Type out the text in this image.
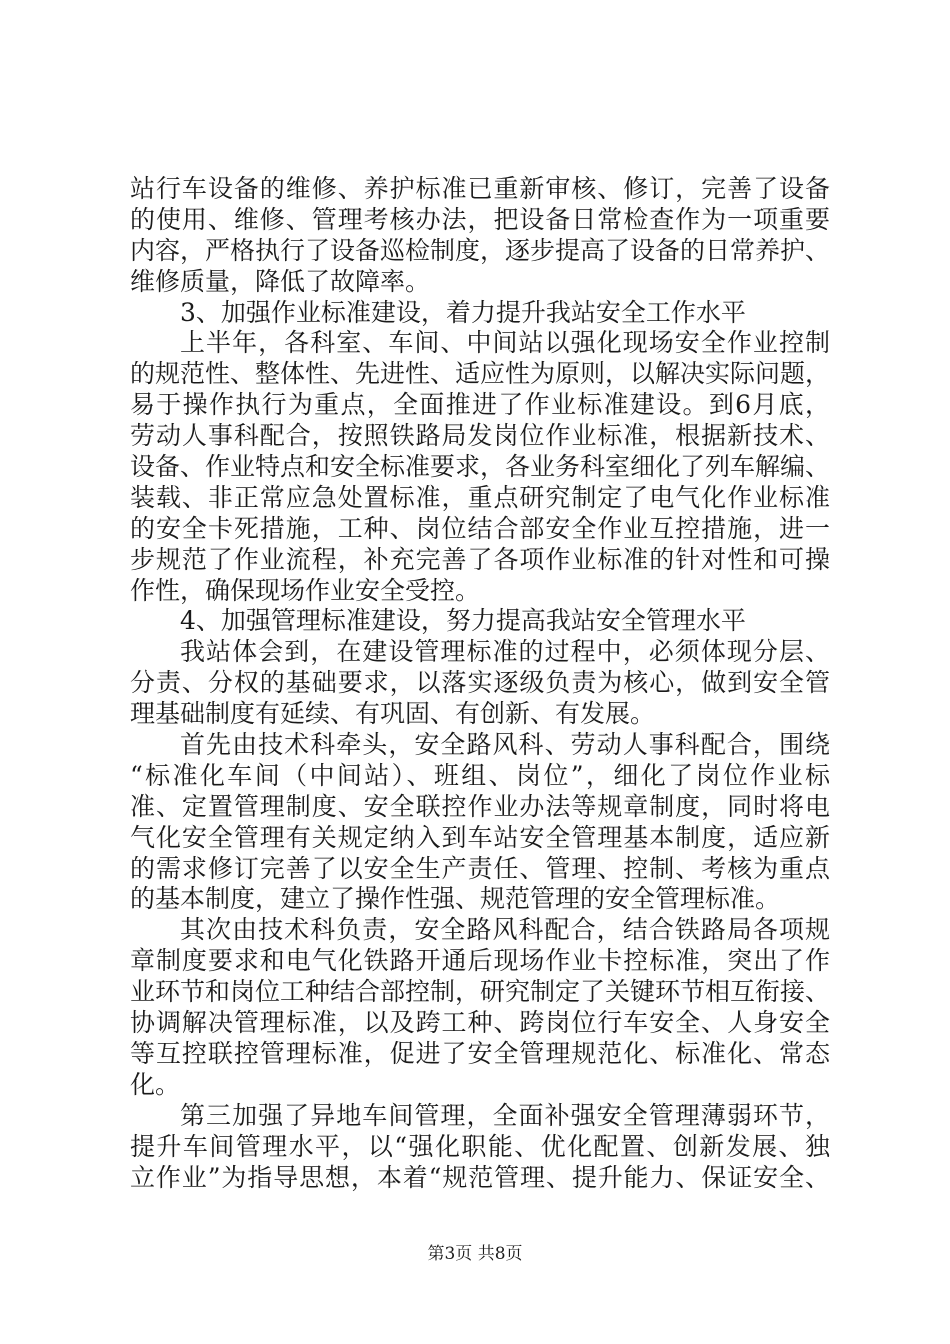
站行车设备的维修、养护标准已重新审核、修订，完善了设备
的使用、维修、管理考核办法，把设备日常检查作为一项重要
内容，严格执行了设备巡检制度，逐步提高了设备的日常养护、
维修质量，降低了故障率。
3、加强作业标准建设，着力提升我站安全工作水平
上半年，各科室、车间、中间站以强化现场安全作业控制
的规范性、整体性、先进性、适应性为原则，以解决实际问题，
易于操作执行为重点，全面推进了作业标准建设。到6月底，
劳动人事科配合，按照铁路局发岗位作业标准，根据新技术、
设备、作业特点和安全标准要求，各业务科室细化了列车解编、
装载、非正常应急处置标准，重点研究制定了电气化作业标准
的安全卡死措施，工种、岗位结合部安全作业互控措施，进一
步规范了作业流程，补充完善了各项作业标准的针对性和可操
作性，确保现场作业安全受控。
4、加强管理标准建设，努力提高我站安全管理水平
我站体会到，在建设管理标准的过程中，必须体现分层、
分责、分权的基础要求，以落实逐级负责为核心，做到安全管
理基础制度有延续、有巩固、有创新、有发展。
首先由技术科牵头，安全路风科、劳动人事科配合，围绕
“标准化车间（中间站）、班组、岗位”，细化了岗位作业标
准、定置管理制度、安全联控作业办法等规章制度，同时将电
气化安全管理有关规定纳入到车站安全管理基本制度，适应新
的需求修订完善了以安全生产责任、管理、控制、考核为重点
的基本制度，建立了操作性强、规范管理的安全管理标准。
其次由技术科负责，安全路风科配合，结合铁路局各项规
章制度要求和电气化铁路开通后现场作业卡控标准，突出了作
业环节和岗位工种结合部控制，研究制定了关键环节相互衔接、
协调解决管理标准，以及跨工种、跨岗位行车安全、人身安全
等互控联控管理标准，促进了安全管理规范化、标准化、常态
化。
第三加强了异地车间管理，全面补强安全管理薄弱环节，
提升车间管理水平，以“强化职能、优化配置、创新发展、独
立作业”为指导思想，本着“规范管理、提升能力、保证安全、
第3页 共8页
